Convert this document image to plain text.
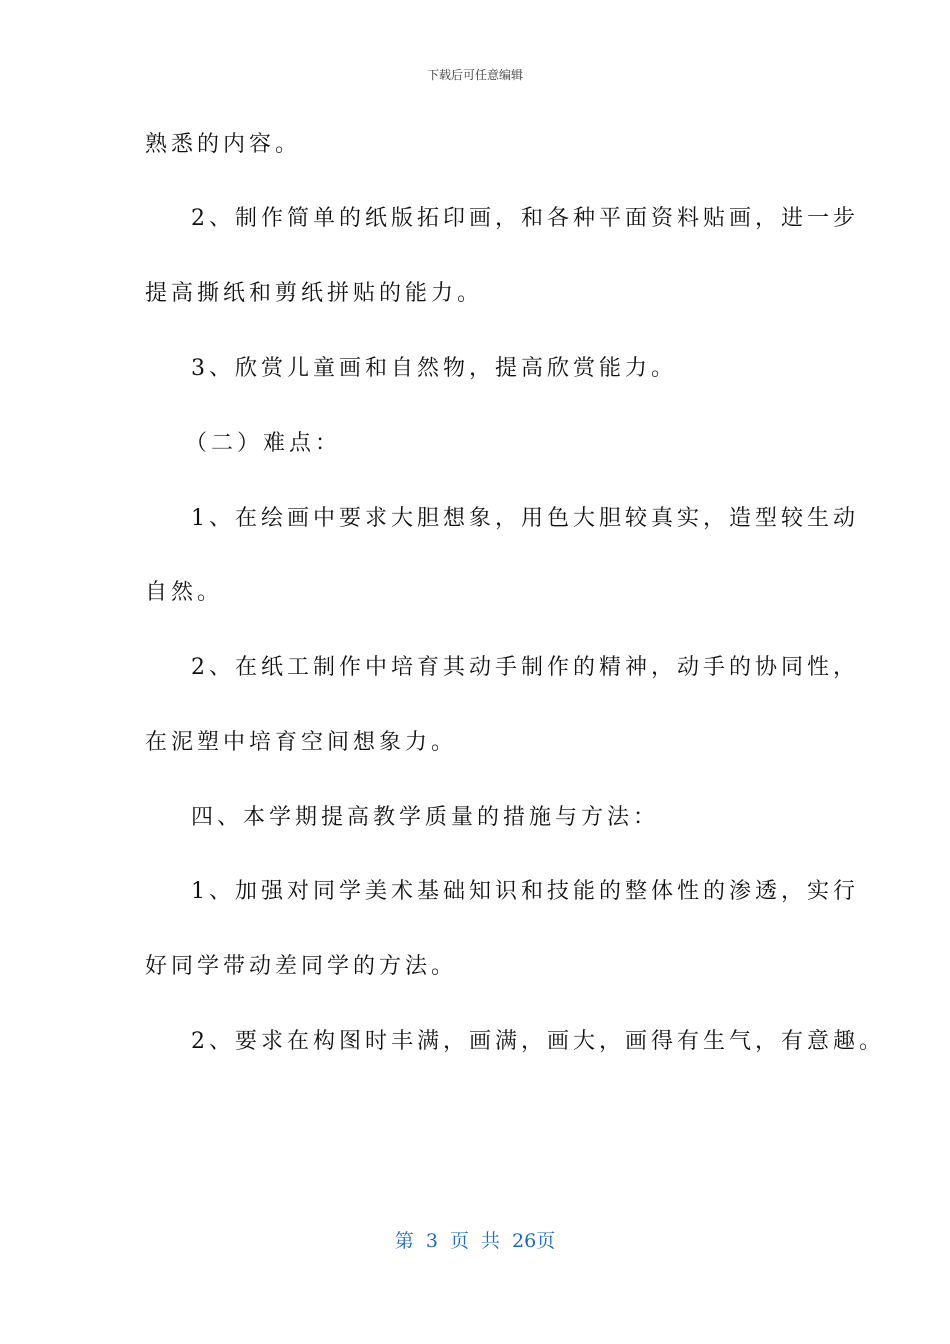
下载后可任意编辑
熟悉的内容。
2、制作简单的纸版拓印画，和各种平面资料贴画，进一步
提高撕纸和剪纸拼贴的能力。
3、欣赏儿童画和自然物，提高欣赏能力。
（二）难点：
1、在绘画中要求大胆想象，用色大胆较真实，造型较生动
自然。
2、在纸工制作中培育其动手制作的精神，动手的协同性，
在泥塑中培育空间想象力。
四、本学期提高教学质量的措施与方法：
1、加强对同学美术基础知识和技能的整体性的渗透，实行
好同学带动差同学的方法。
2、要求在构图时丰满，画满，画大，画得有生气，有意趣。
第 3 页 共 26页
